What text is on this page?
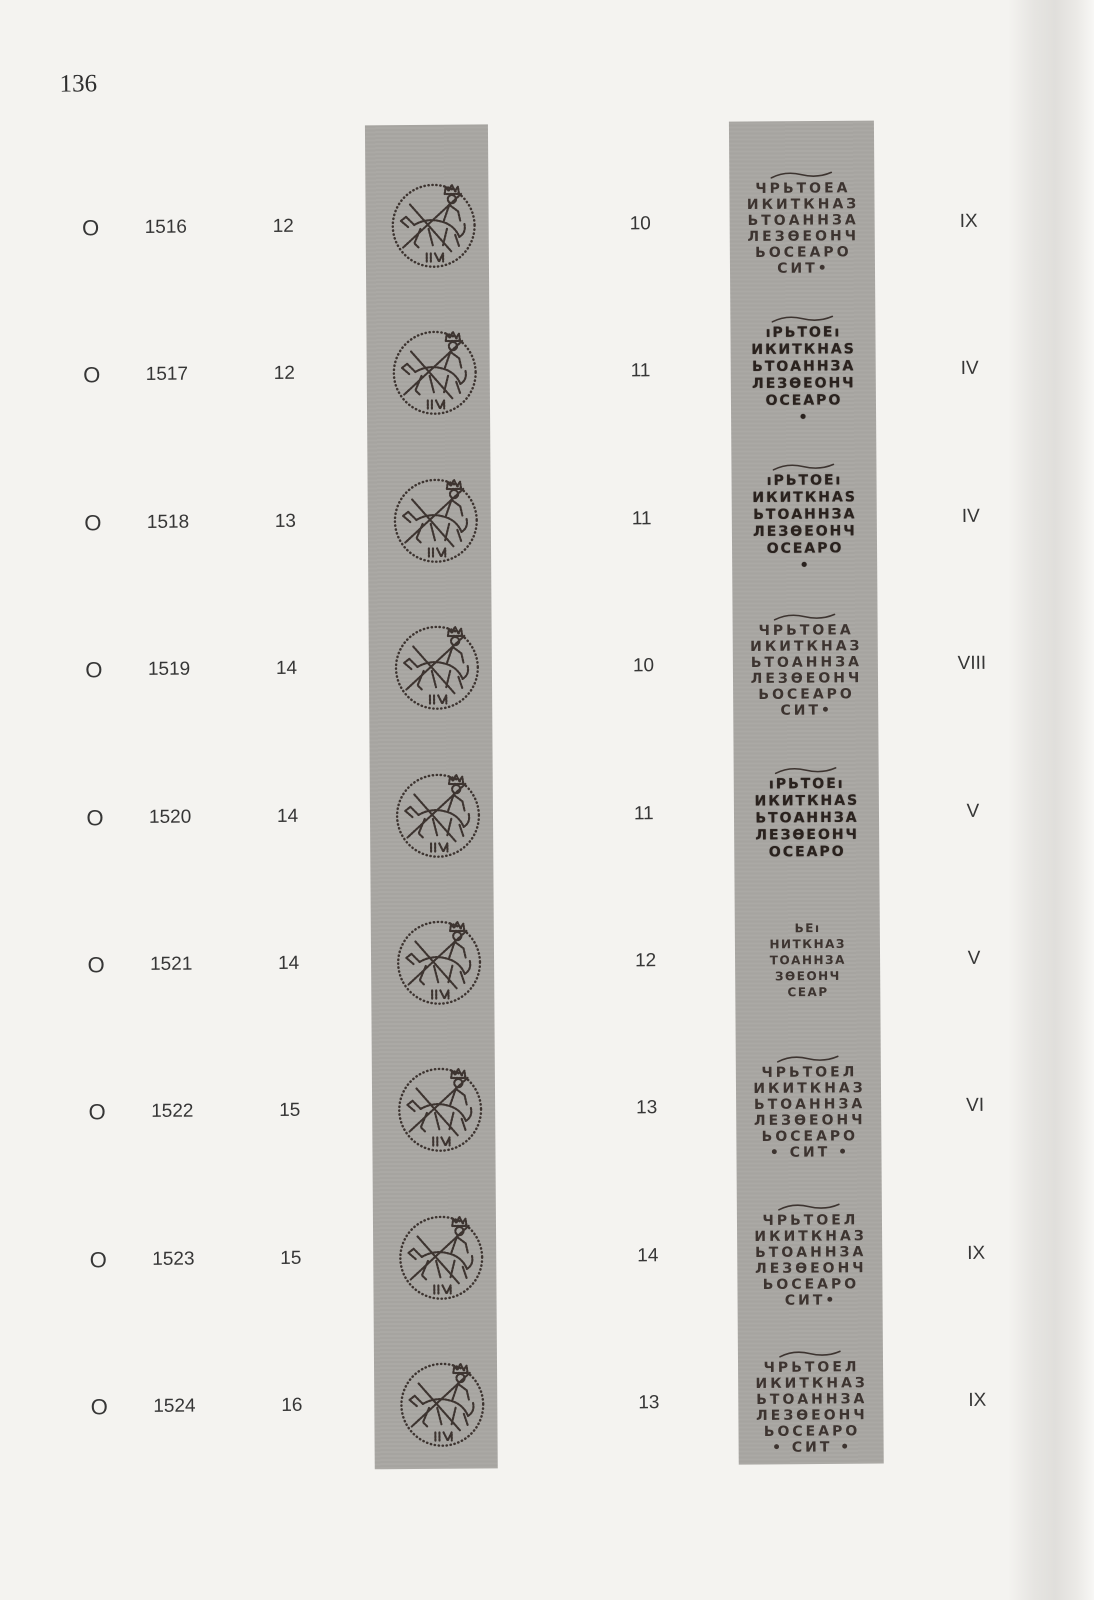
136
O	1516	12	10
ЧРЬТОЕА
ИКИТКНАЗ
ЬТОАННЗА
ЛЕЗѲЕОНЧ
ЬОСЕАРО
СИТ•
IX
O	1517	12	11
ıРЬТОЕı
ИКИТКНАЅ
ЬТОАННЗА
ЛЕЗѲЕОНЧ
ОСЕАРО
•
IV
O	1518	13	11
ıРЬТОЕı
ИКИТКНАЅ
ЬТОАННЗА
ЛЕЗѲЕОНЧ
ОСЕАРО
•
IV
O	1519	14	10
ЧРЬТОЕА
ИКИТКНАЗ
ЬТОАННЗА
ЛЕЗѲЕОНЧ
ЬОСЕАРО
СИТ•
VIII
O	1520	14	11
ıРЬТОЕı
ИКИТКНАЅ
ЬТОАННЗА
ЛЕЗѲЕОНЧ
ОСЕАРО
V
O	1521	14	12
ЬЕı
НИТКНАЗ
ТОАННЗА
ЗѲЕОНЧ
СЕАР
V
O	1522	15	13
ЧРЬТОЕЛ
ИКИТКНАЗ
ЬТОАННЗА
ЛЕЗѲЕОНЧ
ЬОСЕАРО
• СИТ •
VI
O	1523	15	14
ЧРЬТОЕЛ
ИКИТКНАЗ
ЬТОАННЗА
ЛЕЗѲЕОНЧ
ЬОСЕАРО
СИТ•
IX
O	1524	16	13
ЧРЬТОЕЛ
ИКИТКНАЗ
ЬТОАННЗА
ЛЕЗѲЕОНЧ
ЬОСЕАРО
• СИТ •
IX
